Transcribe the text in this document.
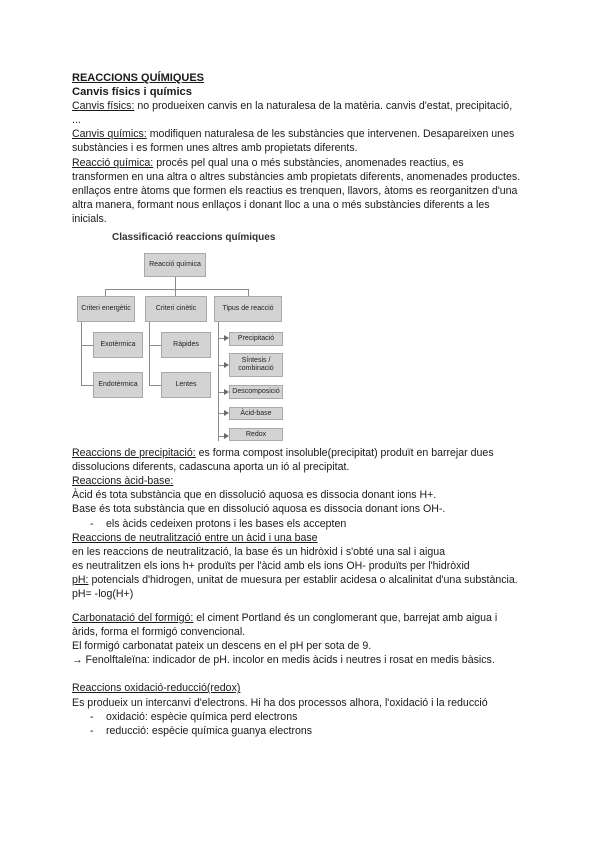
REACCIONS QUÍMIQUES

Canvis físics i químics

Canvis físics: no produeixen canvis en la naturalesa de la matèria. canvis d'estat, precipitació, ...

Canvis químics: modifiquen naturalesa de les substàncies que intervenen. Desapareixen unes substàncies i es formen unes altres amb propietats diferents.

Reacció química: procés pel qual una o més substàncies, anomenades reactius, es transformen en una altra o altres substàncies amb propietats diferents, anomenades productes. enllaços entre àtoms que formen els reactius es trenquen, llavors, àtoms es reorganitzen d'una altra manera, formant nous enllaços i donant lloc a una o més substàncies diferents a les inicials.

Classificació reaccions químiques
Reacció química
Criteri energètic	Criteri cinètic	Tipus de reacció
Exotèrmica
Endotèrmica
Ràpides
Lentes
Precipitació
Síntesis /
combinació
Descomposició
Àcid-base
Redox

Reaccions de precipitació: es forma compost insoluble(precipitat) produït en barrejar dues dissolucions diferents, cadascuna aporta un ió al precipitat.

Reaccions àcid-base:

Àcid és tota substància que en dissolució aquosa es dissocia donant ions H+.

Base és tota substància que en dissolució aquosa es dissocia donant ions OH-.

- els àcids cedeixen protons i les bases els accepten

Reaccions de neutralització entre un àcid i una base

en les reaccions de neutralització, la base és un hidròxid i s'obté una sal i aigua

es neutralitzen els ions h+ produïts per l'àcid amb els ions OH- produïts per l'hidròxid

pH: potencials d'hidrogen, unitat de muesura per establir acidesa o alcalinitat d'una substància.     pH= -log(H+)

Carbonatació del formigó: el ciment Portland és un conglomerant que, barrejat amb aigua i àrids, forma el formigó convencional.

El formigó carbonatat pateix un descens en el pH per sota de 9.

→ Fenolftaleïna: indicador de pH. incolor en medis àcids i neutres i rosat en medis bàsics.

Reaccions oxidació-reducció(redox)

Es produeix un intercanvi d'electrons. Hi ha dos processos alhora, l'oxidació i la reducció

- oxidació: espècie química perd electrons
- reducció: espècie química guanya electrons
